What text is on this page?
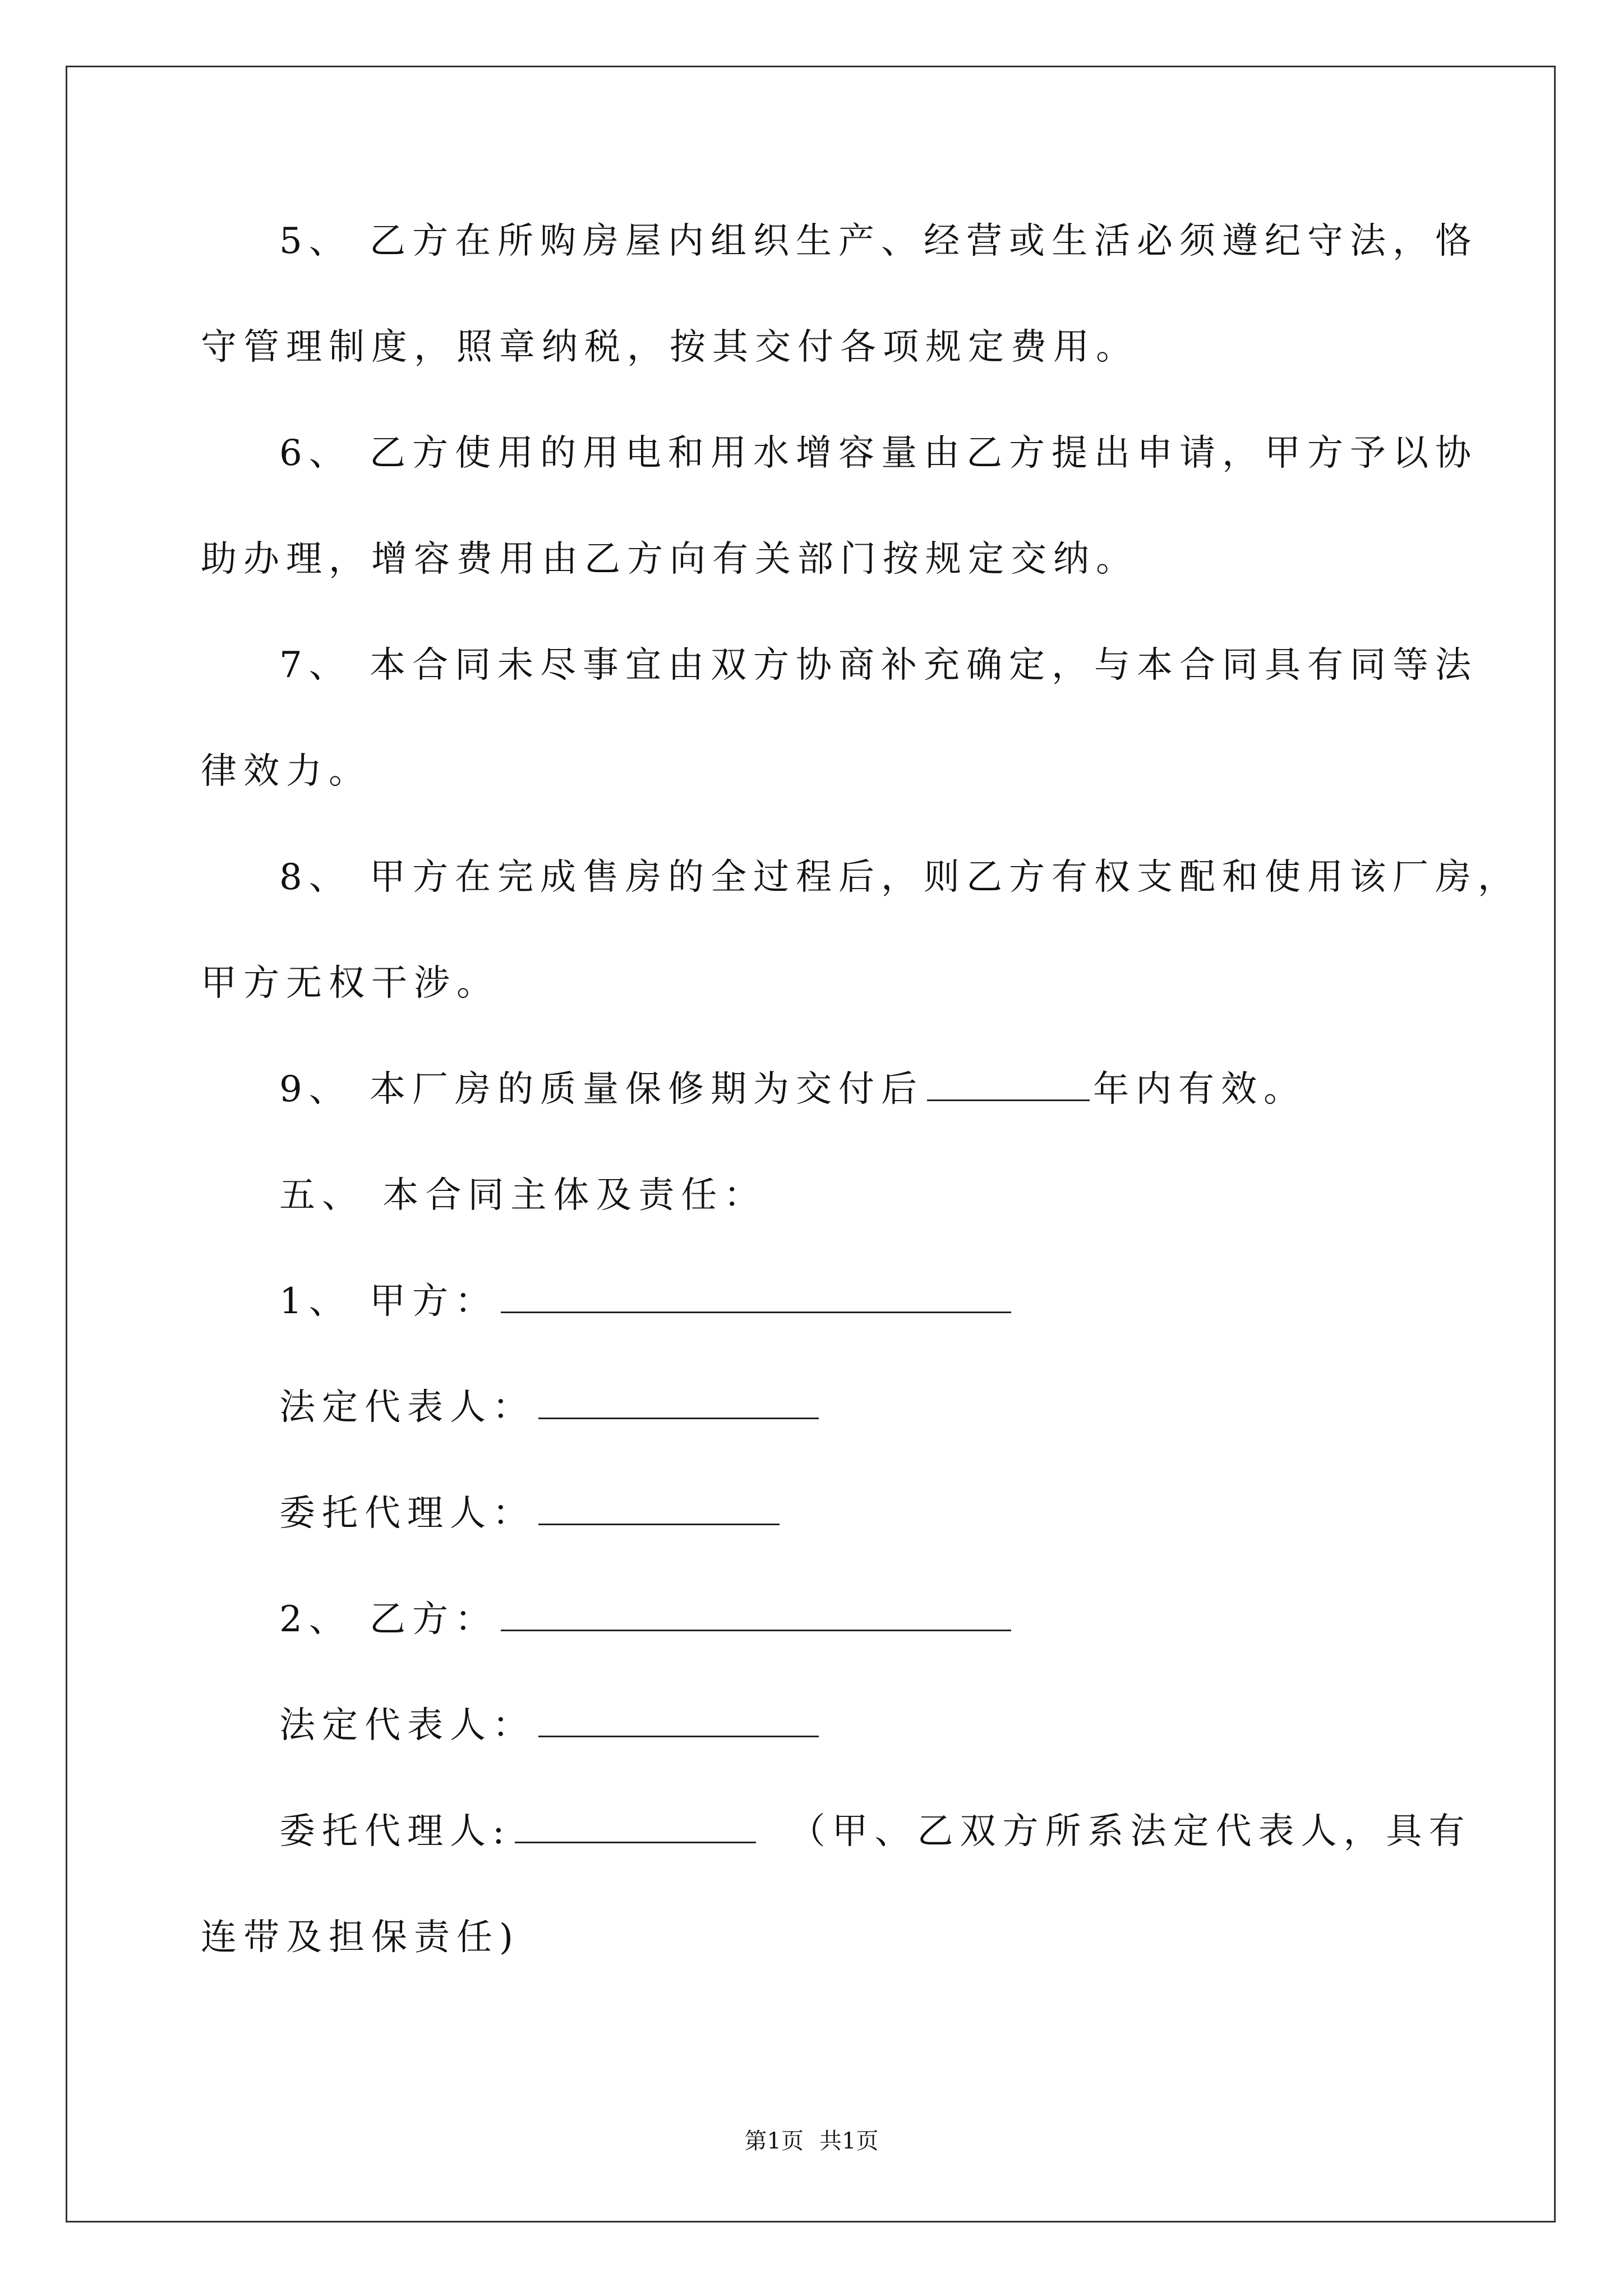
5、 乙方在所购房屋内组织生产、经营或生活必须遵纪守法，恪
守管理制度，照章纳税，按其交付各项规定费用。
6、 乙方使用的用电和用水增容量由乙方提出申请，甲方予以协
助办理，增容费用由乙方向有关部门按规定交纳。
7、 本合同未尽事宜由双方协商补充确定，与本合同具有同等法
律效力。
8、 甲方在完成售房的全过程后，则乙方有权支配和使用该厂房，
甲方无权干涉。
9、 本厂房的质量保修期为交付后	年内有效。
五、 本合同主体及责任：
1、 甲方：
法定代表人：
委托代理人：
2、 乙方：
法定代表人：
委托代理人:	（甲、乙双方所系法定代表人，具有
连带及担保责任)
第1页 共1页
